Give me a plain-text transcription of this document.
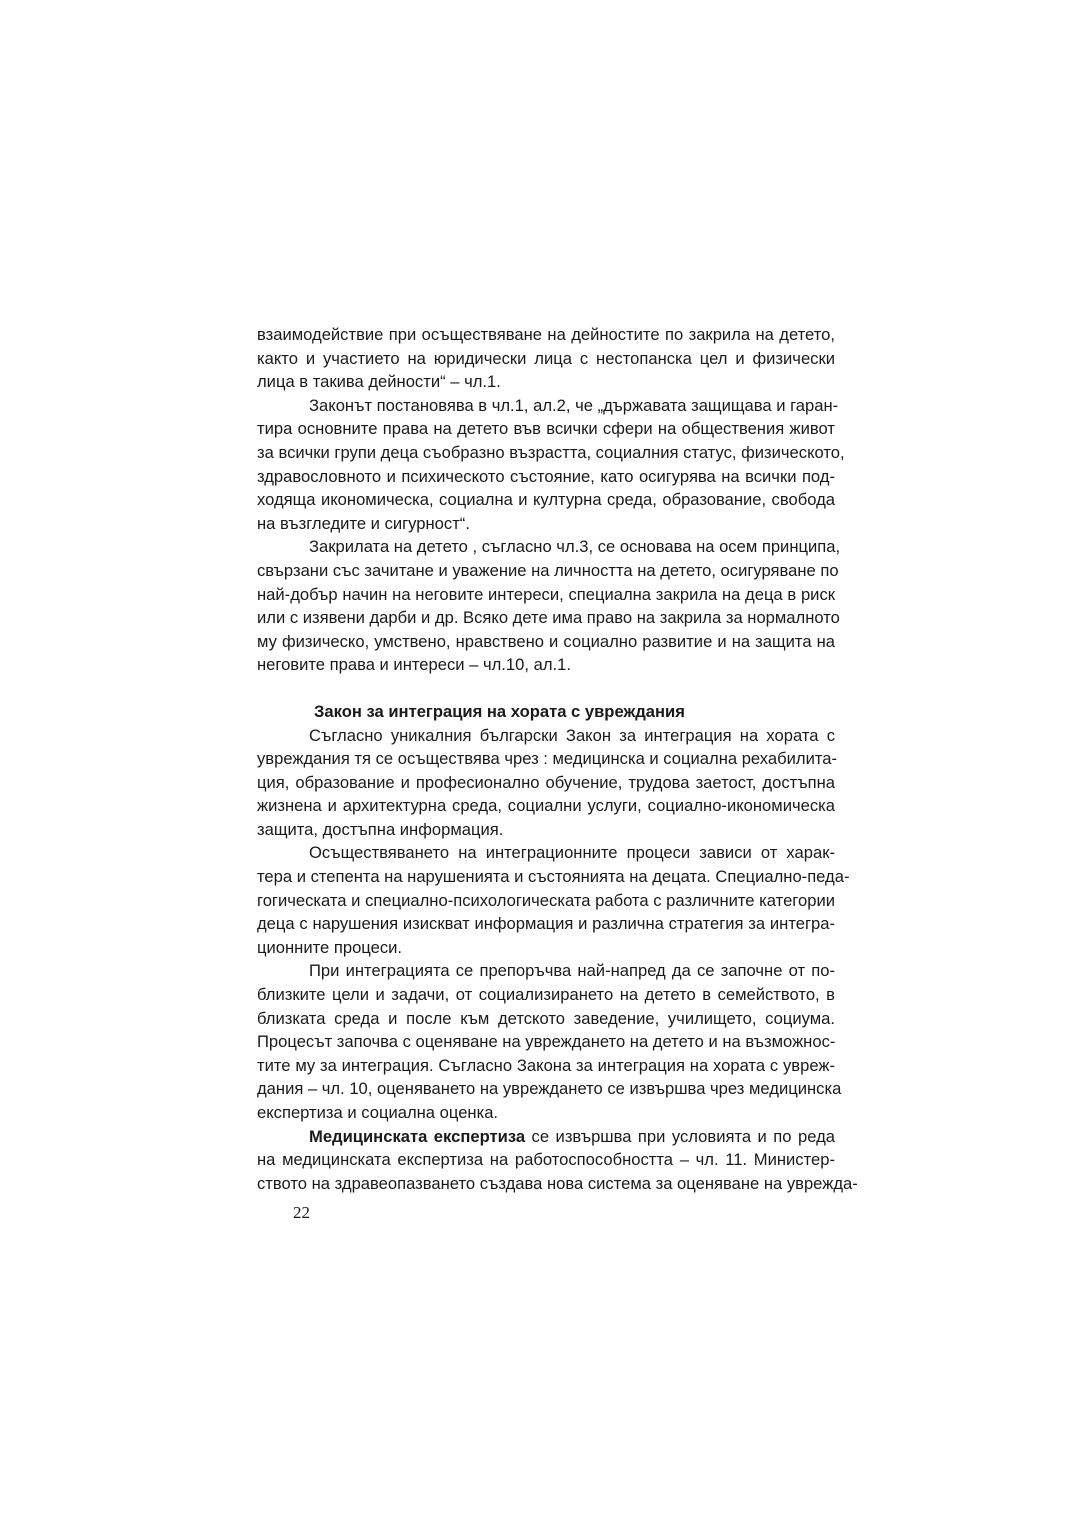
взаимодействие при осъществяване на дейностите по закрила на детето,
както и участието на юридически лица с нестопанска цел и физически
лица в такива дейности“ – чл.1.

Законът постановява в чл.1, ал.2, че „държавата защищава и гаран-
тира основните права на детето във всички сфери на обществения живот
за всички групи деца съобразно възрастта, социалния статус, физическото,
здравословното и психическото състояние, като осигурява на всички под-
ходяща икономическа, социална и културна среда, образование, свобода
на възгледите и сигурност“.

Закрилата на детето , съгласно чл.3, се основава на осем принципа,
свързани със зачитане и уважение на личността на детето, осигуряване по
най-добър начин на неговите интереси, специална закрила на деца в риск
или с изявени дарби и др. Всяко дете има право на закрила за нормалното
му физическо, умствено, нравствено и социално развитие и на защита на
неговите права и интереси – чл.10, ал.1.

Закон за интеграция на хората с увреждания

Съгласно уникалния български Закон за интеграция на хората с
увреждания тя се осъществява чрез : медицинска и социална рехабилита-
ция, образование и професионално обучение, трудова заетост, достъпна
жизнена и архитектурна среда, социални услуги, социално-икономическа
защита, достъпна информация.

Осъществяването на интеграционните процеси зависи от харак-
тера и степента на нарушенията и състоянията на децата. Специално-педа-
гогическата и специално-психологическата работа с различните категории
деца с нарушения изискват информация и различна стратегия за интегра-
ционните процеси.

При интеграцията се препоръчва най-напред да се започне от по-
близките цели и задачи, от социализирането на детето в семейството, в
близката среда и после към детското заведение, училището, социума.
Процесът започва с оценяване на увреждането на детето и на възможнос-
тите му за интеграция. Съгласно Закона за интеграция на хората с увреж-
дания – чл. 10, оценяването на увреждането се извършва чрез медицинска
експертиза и социална оценка.

Медицинската експертиза се извършва при условията и по реда
на медицинската експертиза на работоспособността – чл. 11. Министер-
ството на здравеопазването създава нова система за оценяване на уврежда-

22
